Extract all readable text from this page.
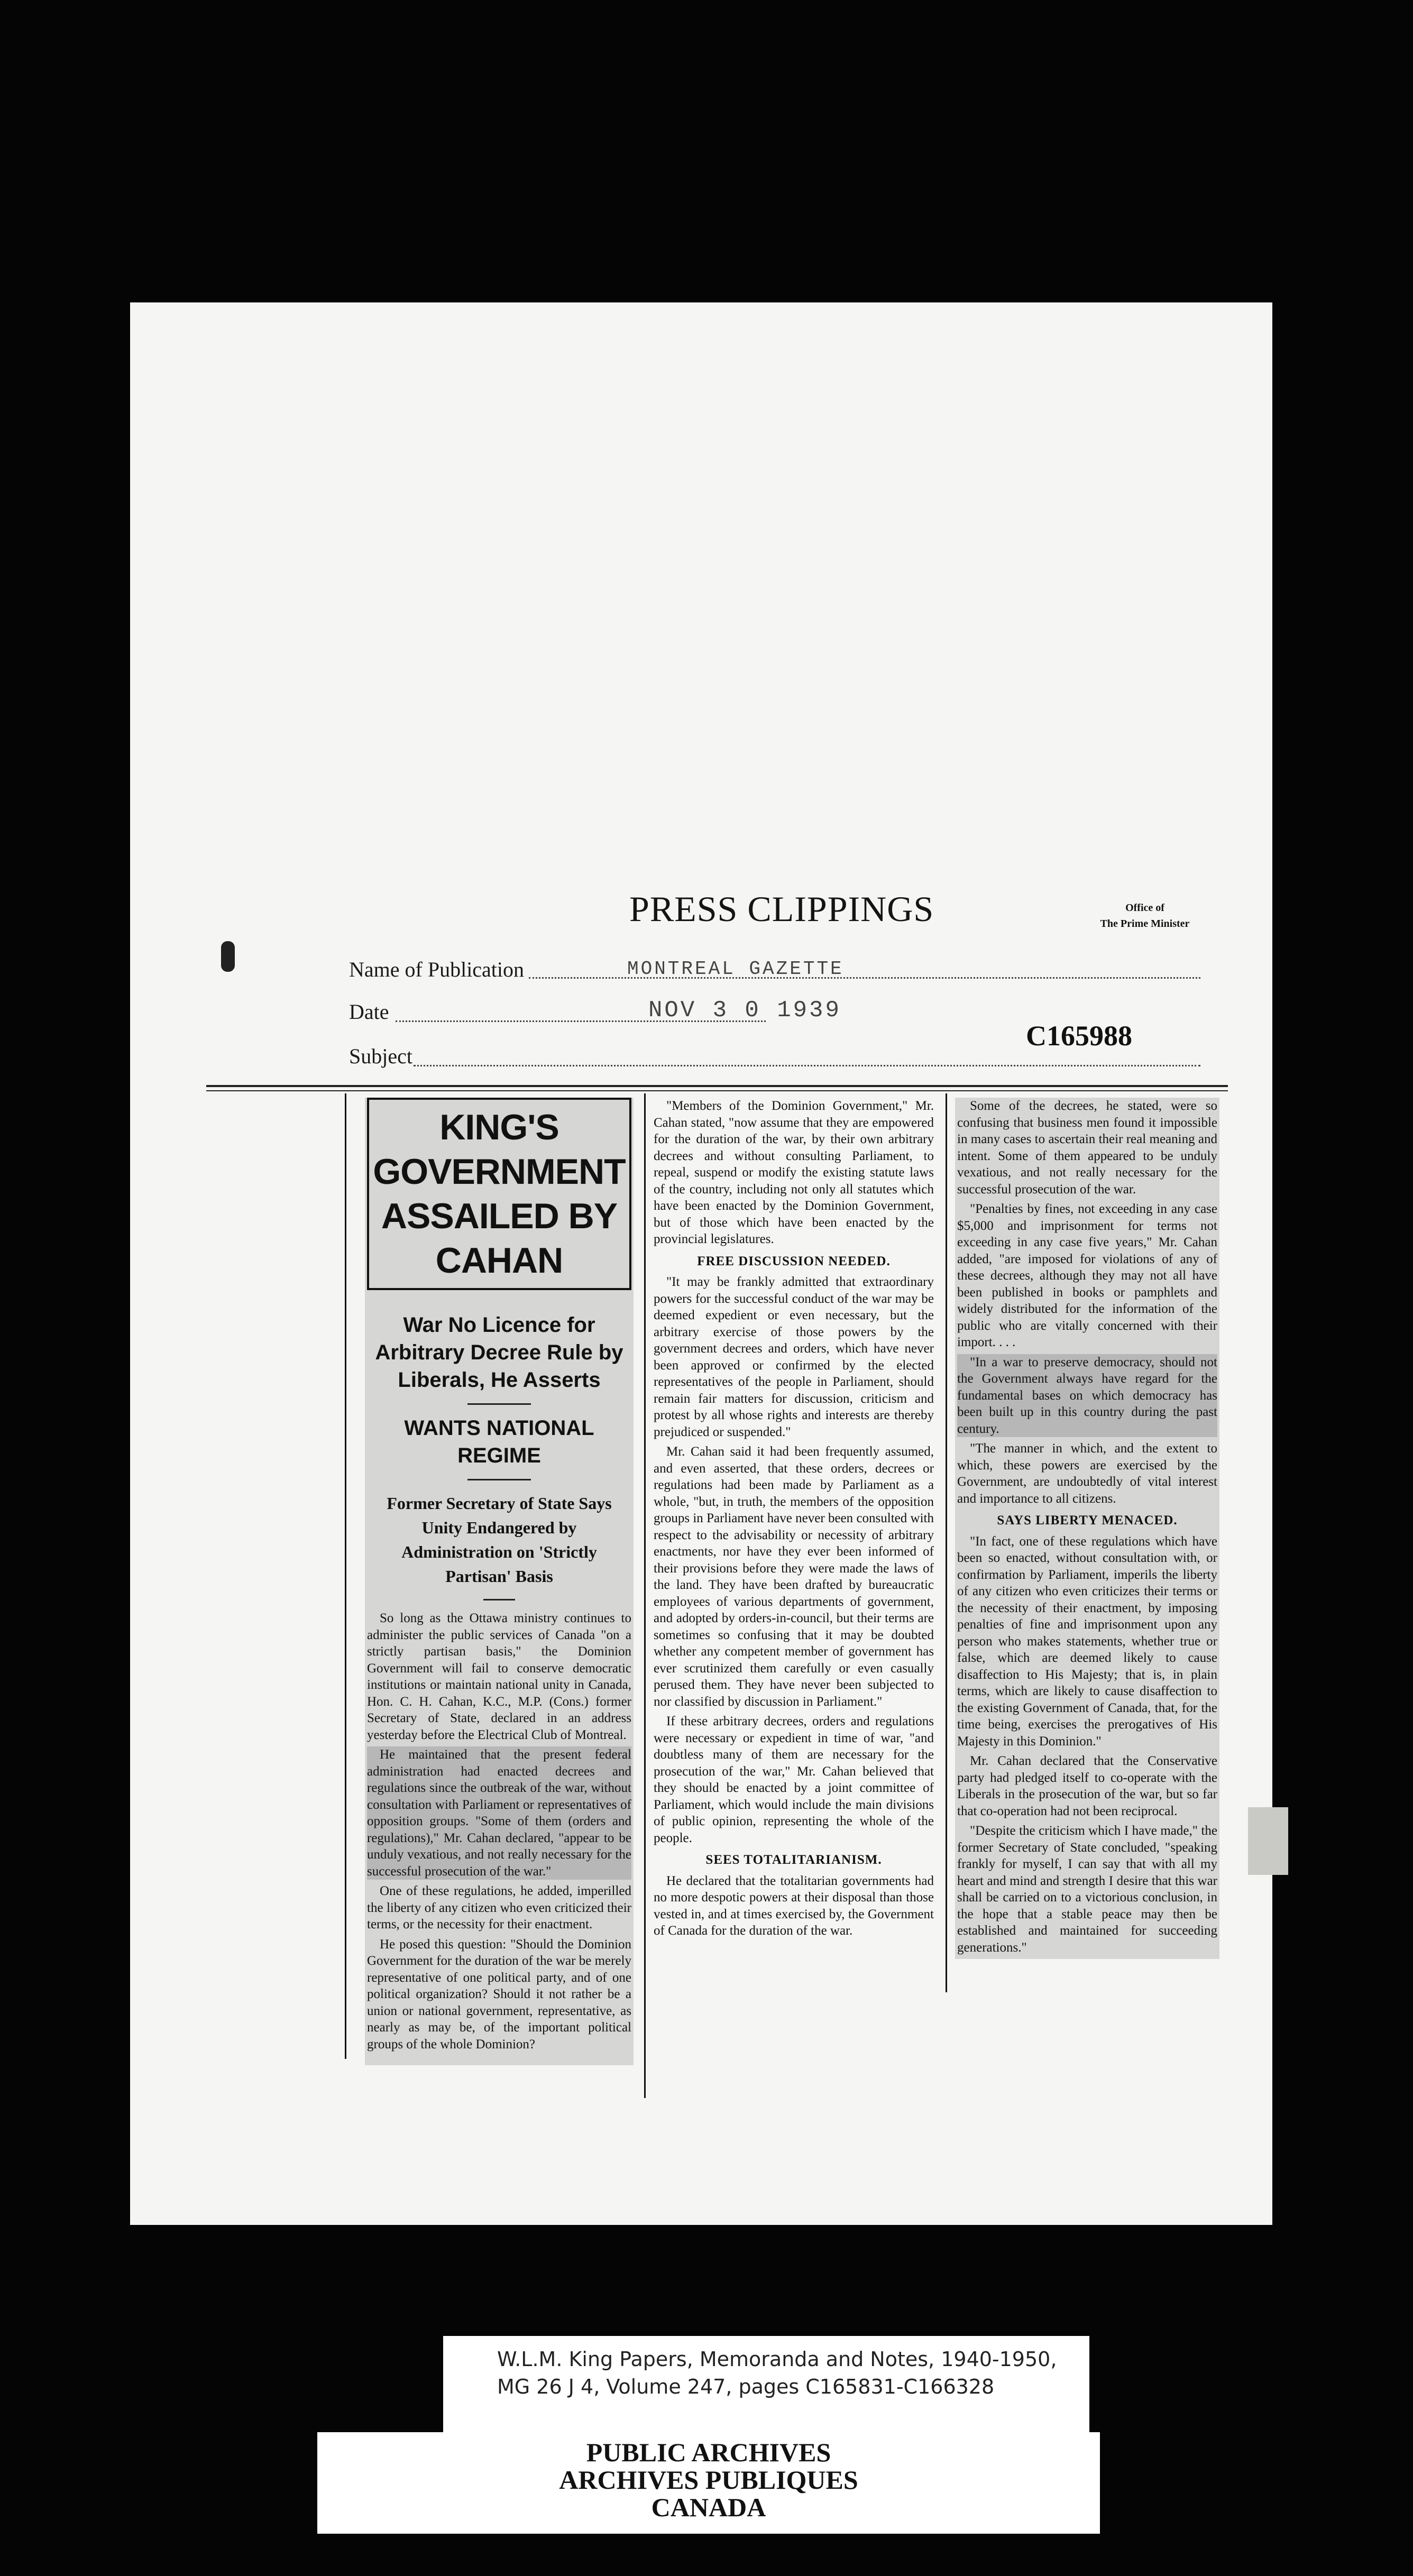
PRESS CLIPPINGS	Office of
The Prime Minister
Name of Publication	MONTREAL GAZETTE
Date	NOV 3 0 1939
Subject
C165988
KING'S GOVERNMENT ASSAILED BY CAHAN
War No Licence for Arbitrary Decree Rule by Liberals, He Asserts
WANTS NATIONAL REGIME
Former Secretary of State Says Unity Endangered by Administration on 'Strictly Partisan' Basis

So long as the Ottawa ministry continues to administer the public services of Canada "on a strictly partisan basis," the Dominion Government will fail to conserve democratic institutions or maintain national unity in Canada, Hon. C. H. Cahan, K.C., M.P. (Cons.) former Secretary of State, declared in an address yesterday before the Electrical Club of Montreal.

He maintained that the present federal administration had enacted decrees and regulations since the outbreak of the war, without consultation with Parliament or representatives of opposition groups. "Some of them (orders and regulations)," Mr. Cahan declared, "appear to be unduly vexatious, and not really necessary for the successful prosecution of the war."

One of these regulations, he added, imperilled the liberty of any citizen who even criticized their terms, or the necessity for their enactment.

He posed this question: "Should the Dominion Government for the duration of the war be merely representative of one political party, and of one political organization? Should it not rather be a union or national government, representative, as nearly as may be, of the important political groups of the whole Dominion?

"Members of the Dominion Government," Mr. Cahan stated, "now assume that they are empowered for the duration of the war, by their own arbitrary decrees and without consulting Parliament, to repeal, suspend or modify the existing statute laws of the country, including not only all statutes which have been enacted by the Dominion Government, but of those which have been enacted by the provincial legislatures.

FREE DISCUSSION NEEDED.

"It may be frankly admitted that extraordinary powers for the successful conduct of the war may be deemed expedient or even necessary, but the arbitrary exercise of those powers by the government decrees and orders, which have never been approved or confirmed by the elected representatives of the people in Parliament, should remain fair matters for discussion, criticism and protest by all whose rights and interests are thereby prejudiced or suspended."

Mr. Cahan said it had been frequently assumed, and even asserted, that these orders, decrees or regulations had been made by Parliament as a whole, "but, in truth, the members of the opposition groups in Parliament have never been consulted with respect to the advisability or necessity of arbitrary enactments, nor have they ever been informed of their provisions before they were made the laws of the land. They have been drafted by bureaucratic employees of various departments of government, and adopted by orders-in-council, but their terms are sometimes so confusing that it may be doubted whether any competent member of government has ever scrutinized them carefully or even casually perused them. They have never been subjected to nor classified by discussion in Parliament."

If these arbitrary decrees, orders and regulations were necessary or expedient in time of war, "and doubtless many of them are necessary for the prosecution of the war," Mr. Cahan believed that they should be enacted by a joint committee of Parliament, which would include the main divisions of public opinion, representing the whole of the people.

SEES TOTALITARIANISM.

He declared that the totalitarian governments had no more despotic powers at their disposal than those vested in, and at times exercised by, the Government of Canada for the duration of the war.

Some of the decrees, he stated, were so confusing that business men found it impossible in many cases to ascertain their real meaning and intent. Some of them appeared to be unduly vexatious, and not really necessary for the successful prosecution of the war.

"Penalties by fines, not exceeding in any case $5,000 and imprisonment for terms not exceeding in any case five years," Mr. Cahan added, "are imposed for violations of any of these decrees, although they may not all have been published in books or pamphlets and widely distributed for the information of the public who are vitally concerned with their import. . . .

"In a war to preserve democracy, should not the Government always have regard for the fundamental bases on which democracy has been built up in this country during the past century.

"The manner in which, and the extent to which, these powers are exercised by the Government, are undoubtedly of vital interest and importance to all citizens.

SAYS LIBERTY MENACED.

"In fact, one of these regulations which have been so enacted, without consultation with, or confirmation by Parliament, imperils the liberty of any citizen who even criticizes their terms or the necessity of their enactment, by imposing penalties of fine and imprisonment upon any person who makes statements, whether true or false, which are deemed likely to cause disaffection to His Majesty; that is, in plain terms, which are likely to cause disaffection to the existing Government of Canada, that, for the time being, exercises the prerogatives of His Majesty in this Dominion."

Mr. Cahan declared that the Conservative party had pledged itself to co-operate with the Liberals in the prosecution of the war, but so far that co-operation had not been reciprocal.

"Despite the criticism which I have made," the former Secretary of State concluded, "speaking frankly for myself, I can say that with all my heart and mind and strength I desire that this war shall be carried on to a victorious conclusion, in the hope that a stable peace may then be established and maintained for succeeding generations."

W.L.M. King Papers, Memoranda and Notes, 1940-1950,
MG 26 J 4, Volume 247, pages C165831-C166328
PUBLIC ARCHIVES
ARCHIVES PUBLIQUES
CANADA
